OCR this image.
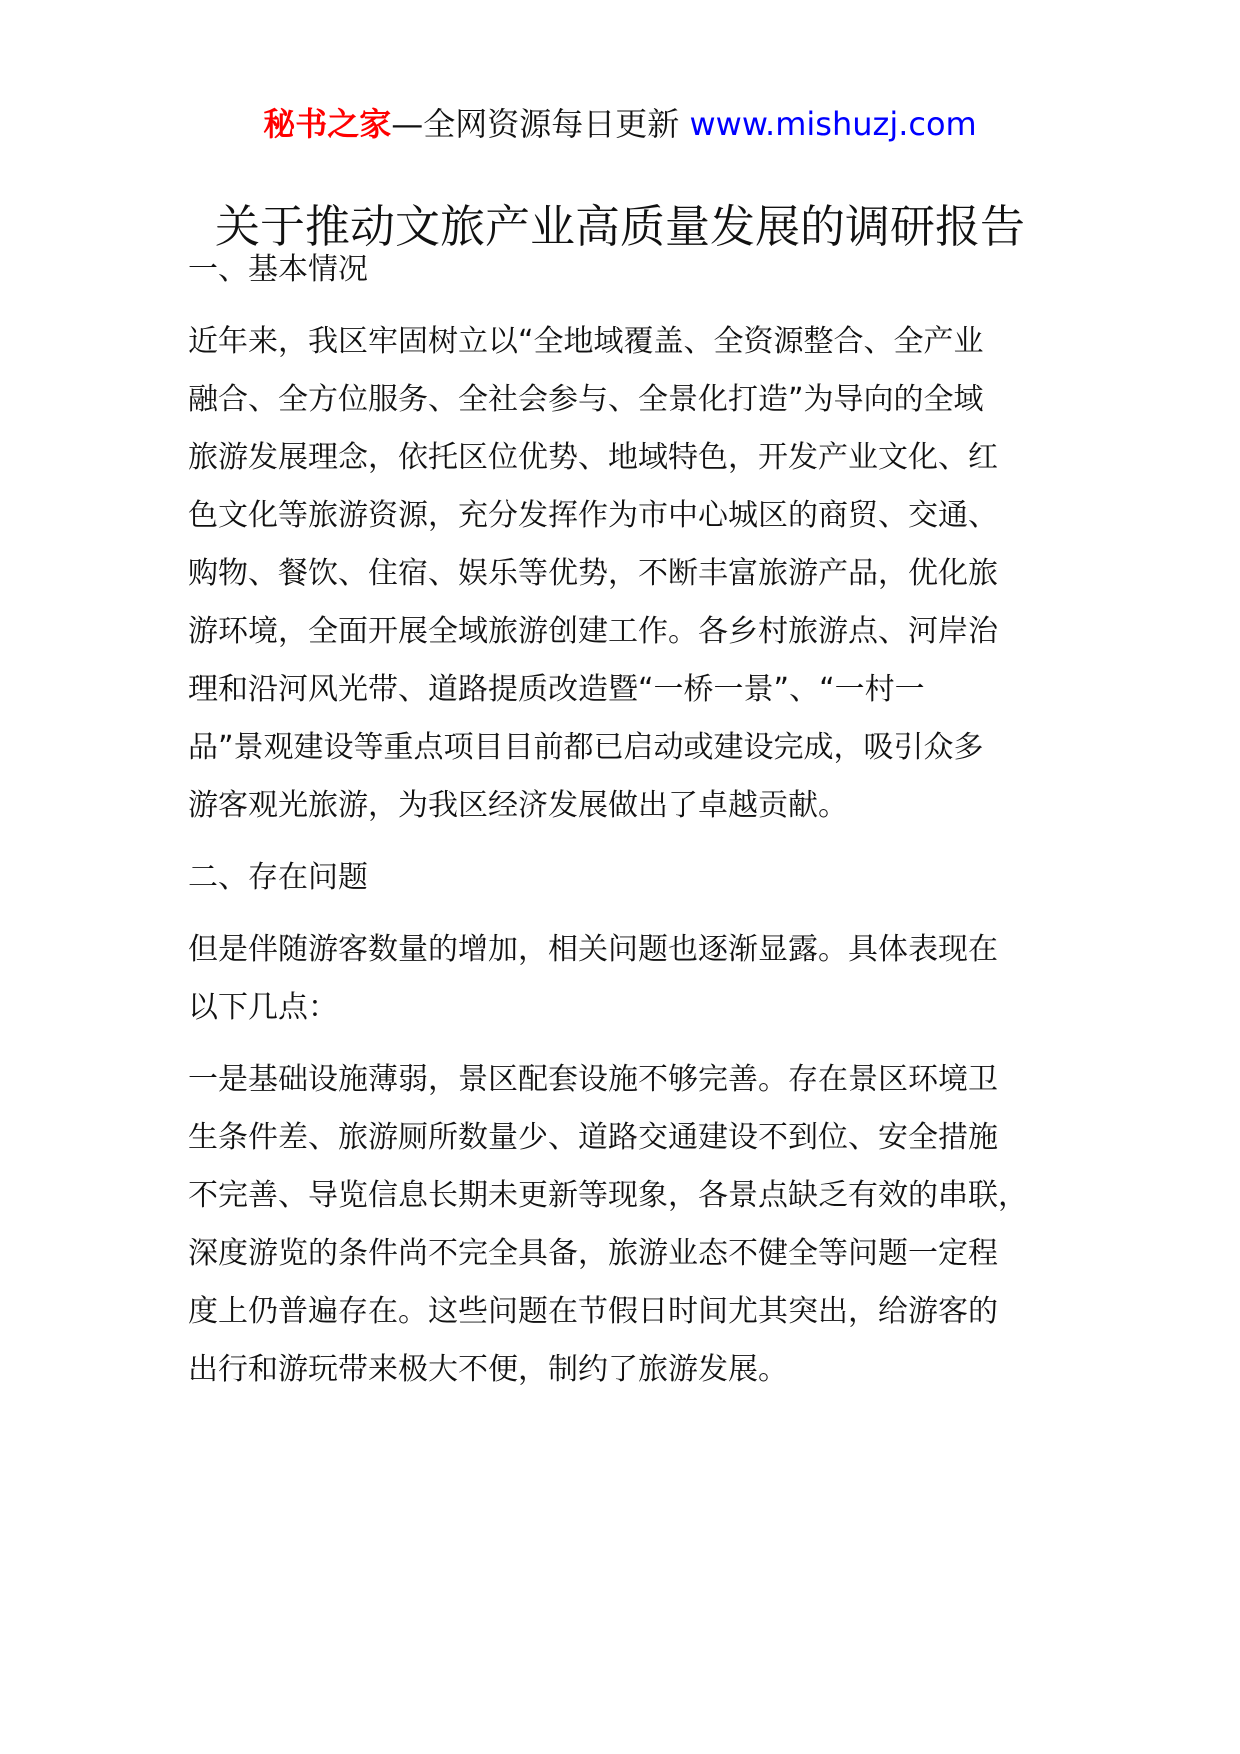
秘书之家—全网资源每日更新 www.mishuzj.com
关于推动文旅产业高质量发展的调研报告
一、基本情况
近年来，我区牢固树立以“全地域覆盖、全资源整合、全产业
融合、全方位服务、全社会参与、全景化打造”为导向的全域
旅游发展理念，依托区位优势、地域特色，开发产业文化、红
色文化等旅游资源，充分发挥作为市中心城区的商贸、交通、
购物、餐饮、住宿、娱乐等优势，不断丰富旅游产品，优化旅
游环境，全面开展全域旅游创建工作。各乡村旅游点、河岸治
理和沿河风光带、道路提质改造暨“一桥一景”、“一村一
品”景观建设等重点项目目前都已启动或建设完成，吸引众多
游客观光旅游，为我区经济发展做出了卓越贡献。
二、存在问题
但是伴随游客数量的增加，相关问题也逐渐显露。具体表现在
以下几点：
一是基础设施薄弱，景区配套设施不够完善。存在景区环境卫
生条件差、旅游厕所数量少、道路交通建设不到位、安全措施
不完善、导览信息长期未更新等现象，各景点缺乏有效的串联，
深度游览的条件尚不完全具备，旅游业态不健全等问题一定程
度上仍普遍存在。这些问题在节假日时间尤其突出，给游客的
出行和游玩带来极大不便，制约了旅游发展。
